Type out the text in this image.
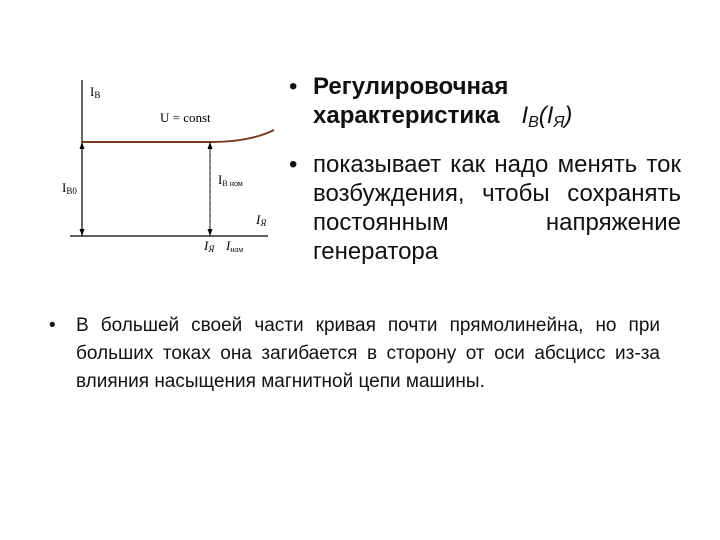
IВ
U = const
IВ0
IВ ном
IЯ
IЯ Iном
• Регулировочная
характеристика $I_В(I_Я)$
• показывает как надо менять ток возбуждения, чтобы сохранять постоянным напряжение генератора
• В большей своей части кривая почти прямолинейна, но при больших токах она загибается в сторону от оси абсцисс из-за влияния насыщения магнитной цепи машины.
